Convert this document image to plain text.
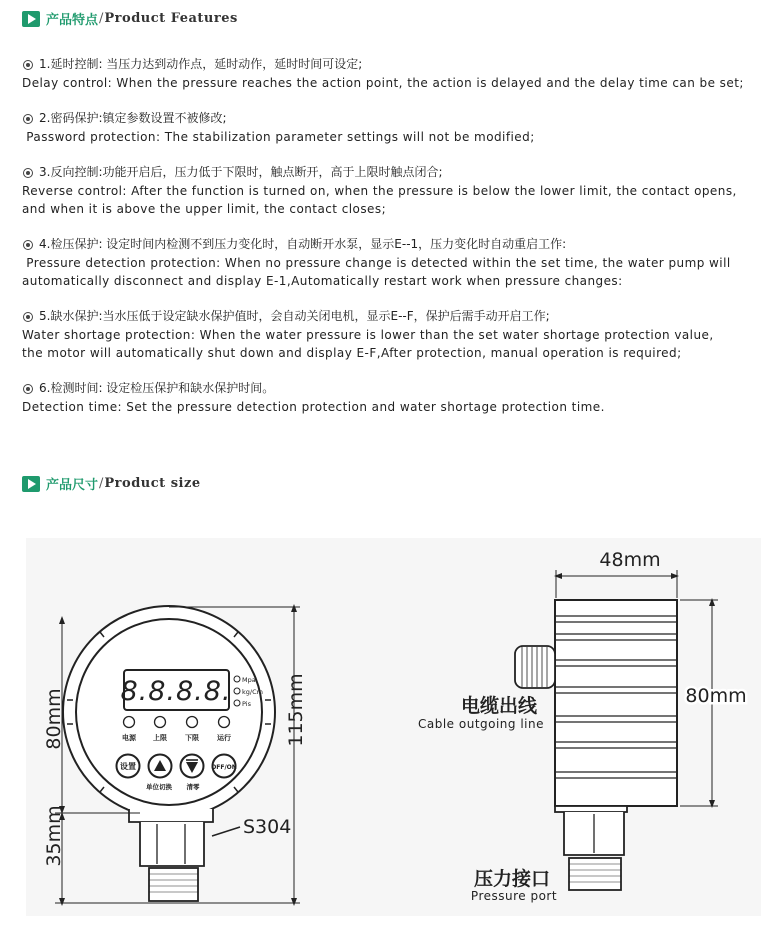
产品特点 / Product Features
1.延时控制: 当压力达到动作点，延时动作，延时时间可设定;
Delay control: When the pressure reaches the action point, the action is delayed and the delay time can be set;
2.密码保护:镇定参数设置不被修改;
Password protection: The stabilization parameter settings will not be modified;
3.反向控制:功能开启后，压力低于下限时，触点断开，高于上限时触点闭合;
Reverse control: After the function is turned on, when the pressure is below the lower limit, the contact opens,
and when it is above the upper limit, the contact closes;
4.检压保护: 设定时间内检测不到压力变化时，自动断开水泵，显示E--1，压力变化时自动重启工作:
Pressure detection protection: When no pressure change is detected within the set time, the water pump will
automatically disconnect and display E-1,Automatically restart work when pressure changes:
5.缺水保护:当水压低于设定缺水保护值时，会自动关闭电机，显示E--F，保护后需手动开启工作;
Water shortage protection: When the water pressure is lower than the set water shortage protection value,
the motor will automatically shut down and display E-F,After protection, manual operation is required;
6.检测时间: 设定检压保护和缺水保护时间。
Detection time: Set the pressure detection protection and water shortage protection time.
产品尺寸 / Product size
8.8.8.8. Mpa
kg/Cm
Pis
电源 上限	下限	运行
设置	OFF/ON
单位切换 清零
S304
80mm
35mm
115mm
48mm
80mm
电缆出线
Cable outgoing line
压力接口
Pressure port
